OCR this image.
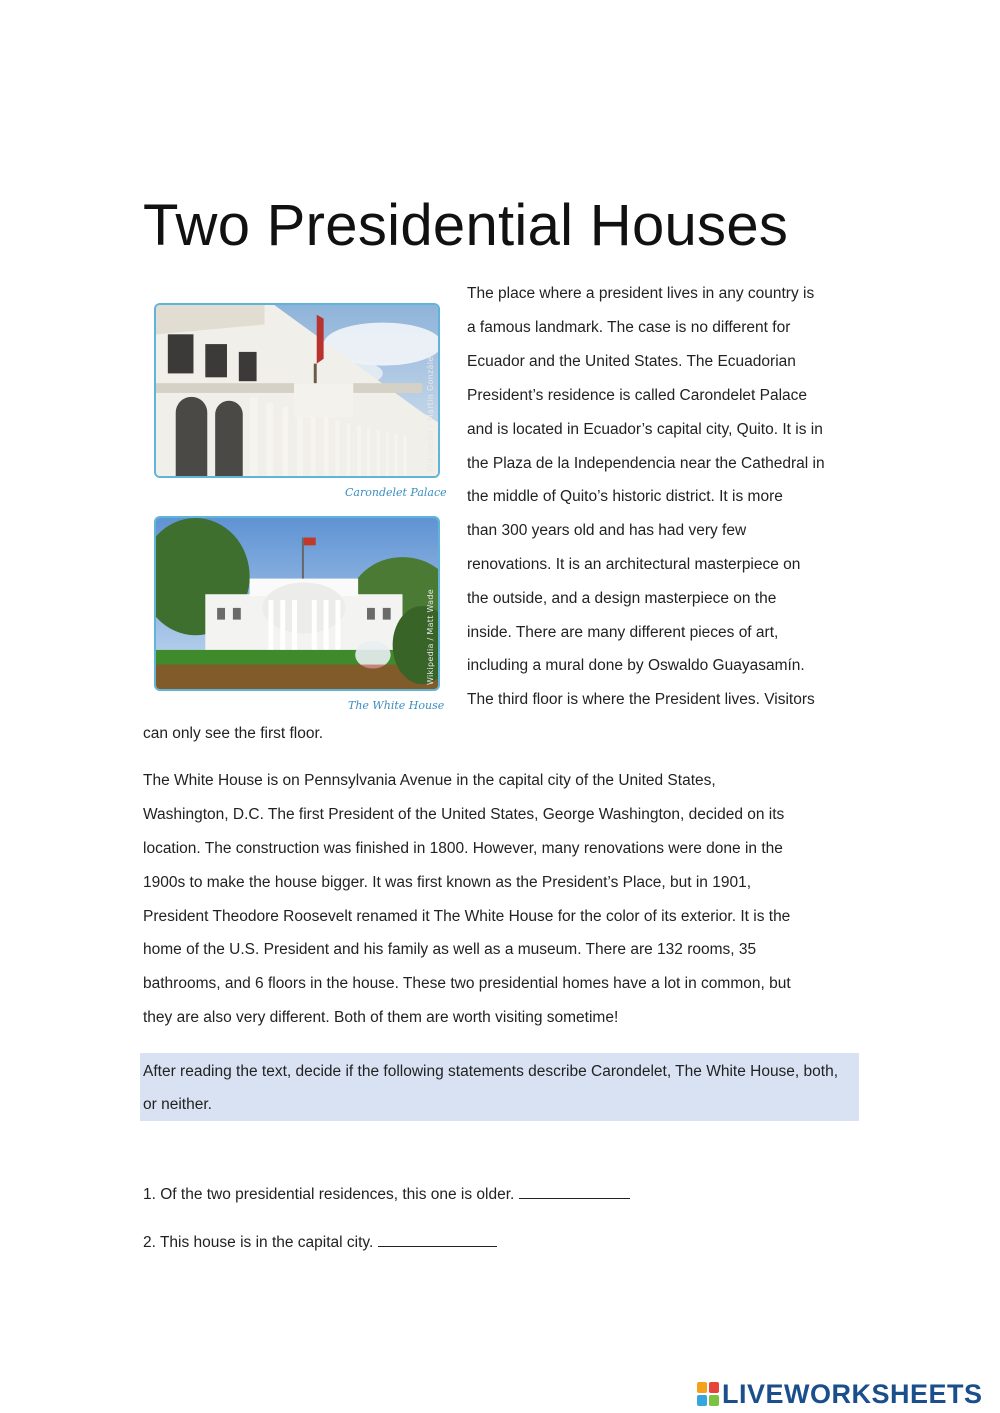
Two Presidential Houses
Wikipedia / Martin González
Carondelet Palace
Wikipedia / Matt Wade
The White House
The place where a president lives in any country is
a famous landmark. The case is no different for
Ecuador and the United States. The Ecuadorian
President’s residence is called Carondelet Palace
and is located in Ecuador’s capital city, Quito. It is in
the Plaza de la Independencia near the Cathedral in
the middle of Quito’s historic district. It is more
than 300 years old and has had very few
renovations. It is an architectural masterpiece on
the outside, and a design masterpiece on the
inside. There are many different pieces of art,
including a mural done by Oswaldo Guayasamín.
The third floor is where the President lives. Visitors
can only see the first floor.
The White House is on Pennsylvania Avenue in the capital city of the United States,
Washington, D.C. The first President of the United States, George Washington, decided on its
location. The construction was finished in 1800. However, many renovations were done in the
1900s to make the house bigger. It was first known as the President’s Place, but in 1901,
President Theodore Roosevelt renamed it The White House for the color of its exterior. It is the
home of the U.S. President and his family as well as a museum. There are 132 rooms, 35
bathrooms, and 6 floors in the house. These two presidential homes have a lot in common, but
they are also very different. Both of them are worth visiting sometime!
After reading the text, decide if the following statements describe Carondelet, The White House, both, or neither.
1. Of the two presidential residences, this one is older.
2. This house is in the capital city.
LIVEWORKSHEETS
